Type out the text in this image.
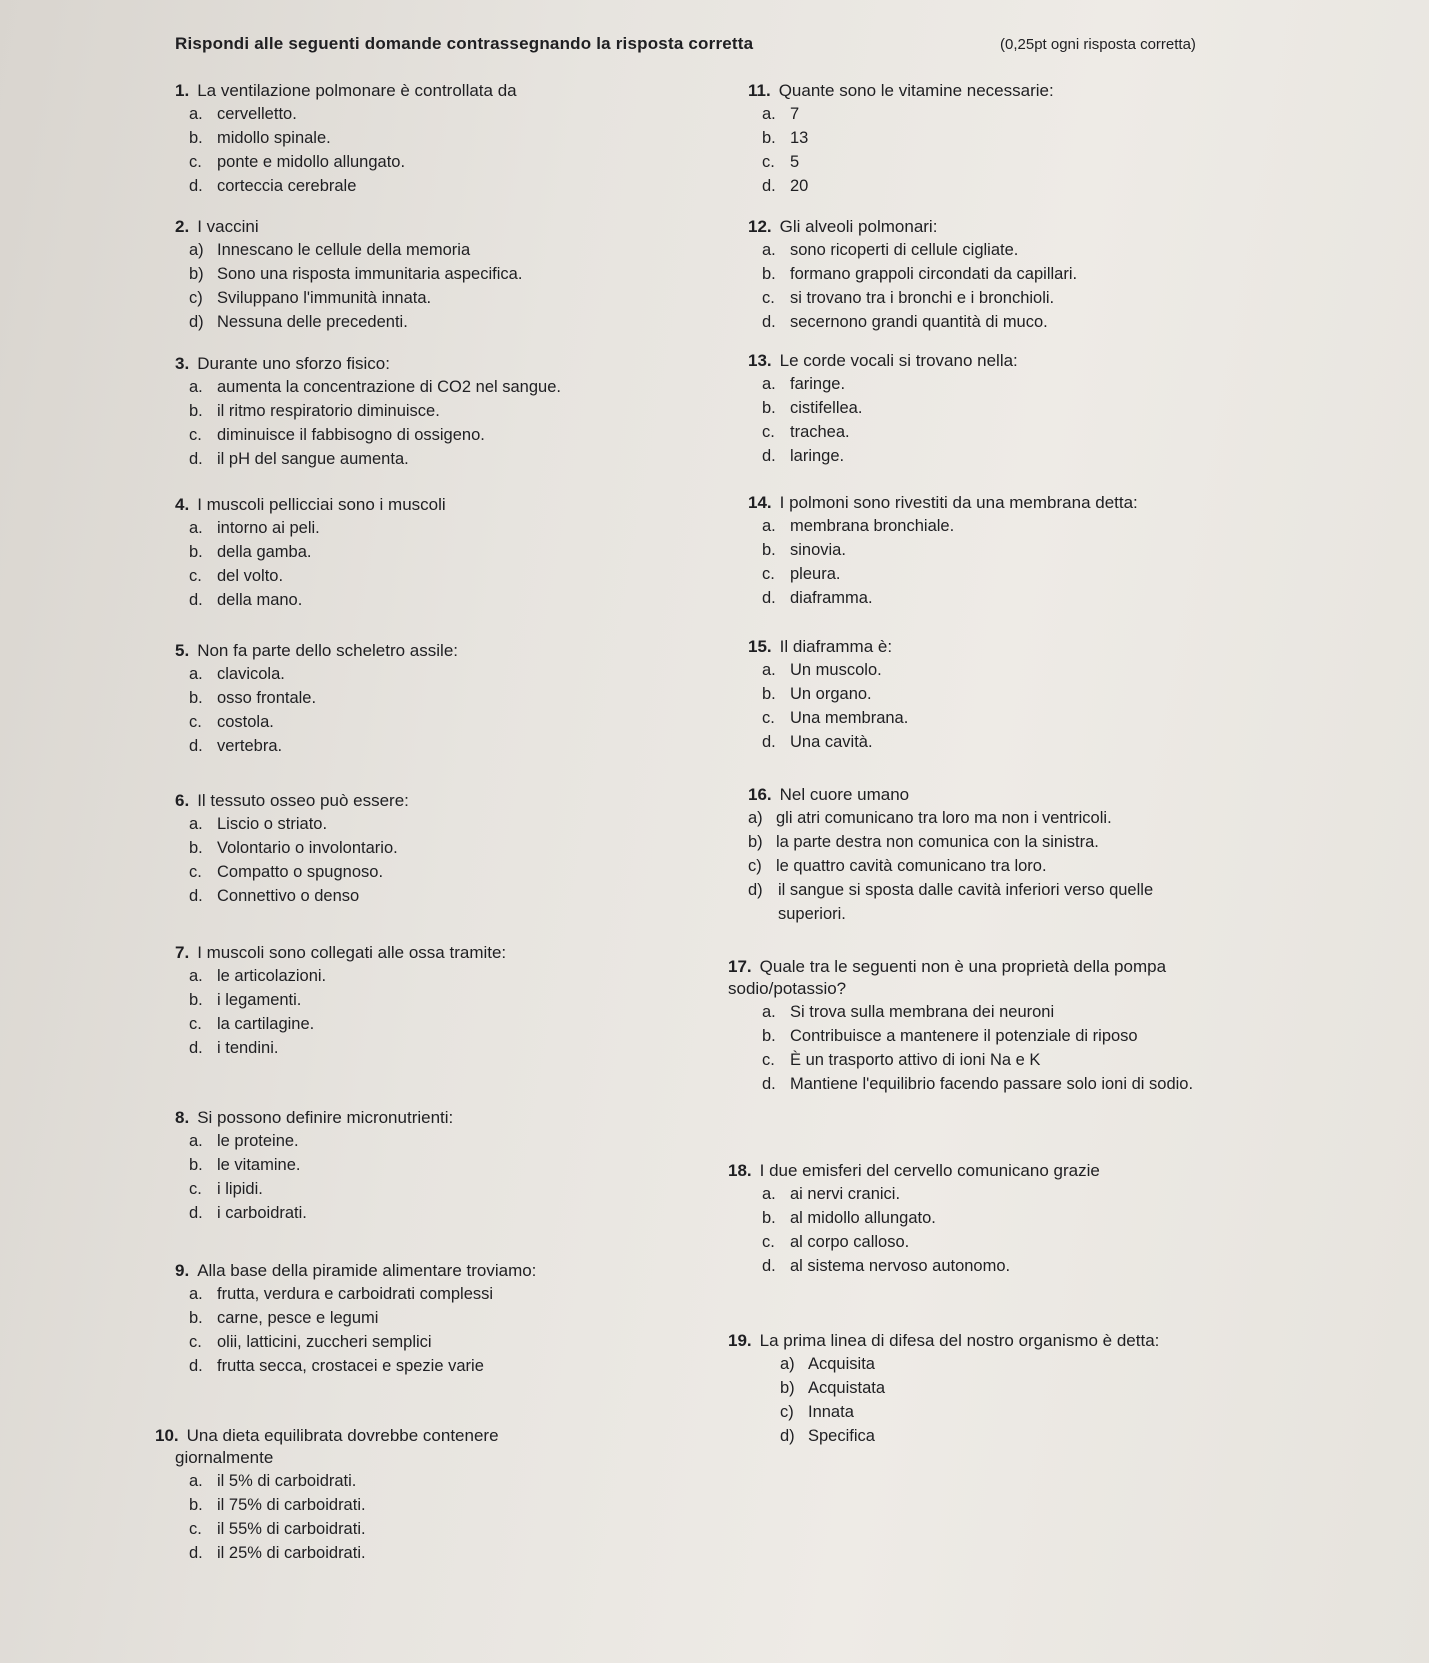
Rispondi alle seguenti domande contrassegnando la risposta corretta	(0,25pt ogni risposta corretta)
1. La ventilazione polmonare è controllata da
a. cervelletto.
b. midollo spinale.
c. ponte e midollo allungato.
d. corteccia cerebrale
2. I vaccini
a) Innescano le cellule della memoria
b) Sono una risposta immunitaria aspecifica.
c) Sviluppano l'immunità innata.
d) Nessuna delle precedenti.
3. Durante uno sforzo fisico:
a. aumenta la concentrazione di CO2 nel sangue.
b. il ritmo respiratorio diminuisce.
c. diminuisce il fabbisogno di ossigeno.
d. il pH del sangue aumenta.
4. I muscoli pellicciai sono i muscoli
a. intorno ai peli.
b. della gamba.
c. del volto.
d. della mano.
5. Non fa parte dello scheletro assile:
a. clavicola.
b. osso frontale.
c. costola.
d. vertebra.
6. Il tessuto osseo può essere:
a. Liscio o striato.
b. Volontario o involontario.
c. Compatto o spugnoso.
d. Connettivo o denso
7. I muscoli sono collegati alle ossa tramite:
a. le articolazioni.
b. i legamenti.
c. la cartilagine.
d. i tendini.
8. Si possono definire micronutrienti:
a. le proteine.
b. le vitamine.
c. i lipidi.
d. i carboidrati.
9. Alla base della piramide alimentare troviamo:
a. frutta, verdura e carboidrati complessi
b. carne, pesce e legumi
c. olii, latticini, zuccheri semplici
d. frutta secca, crostacei e spezie varie
10. Una dieta equilibrata dovrebbe contenere
giornalmente
a. il 5% di carboidrati.
b. il 75% di carboidrati.
c. il 55% di carboidrati.
d. il 25% di carboidrati.
11. Quante sono le vitamine necessarie:
a. 7
b. 13
c. 5
d. 20
12. Gli alveoli polmonari:
a. sono ricoperti di cellule cigliate.
b. formano grappoli circondati da capillari.
c. si trovano tra i bronchi e i bronchioli.
d. secernono grandi quantità di muco.
13. Le corde vocali si trovano nella:
a. faringe.
b. cistifellea.
c. trachea.
d. laringe.
14. I polmoni sono rivestiti da una membrana detta:
a. membrana bronchiale.
b. sinovia.
c. pleura.
d. diaframma.
15. Il diaframma è:
a. Un muscolo.
b. Un organo.
c. Una membrana.
d. Una cavità.
16. Nel cuore umano
a) gli atri comunicano tra loro ma non i ventricoli.
b) la parte destra non comunica con la sinistra.
c) le quattro cavità comunicano tra loro.
d) il sangue si sposta dalle cavità inferiori verso quelle superiori.
17. Quale tra le seguenti non è una proprietà della pompa sodio/potassio?
a. Si trova sulla membrana dei neuroni
b. Contribuisce a mantenere il potenziale di riposo
c. È un trasporto attivo di ioni Na e K
d. Mantiene l'equilibrio facendo passare solo ioni di sodio.
18. I due emisferi del cervello comunicano grazie
a. ai nervi cranici.
b. al midollo allungato.
c. al corpo calloso.
d. al sistema nervoso autonomo.
19. La prima linea di difesa del nostro organismo è detta:
a) Acquisita
b) Acquistata
c) Innata
d) Specifica
